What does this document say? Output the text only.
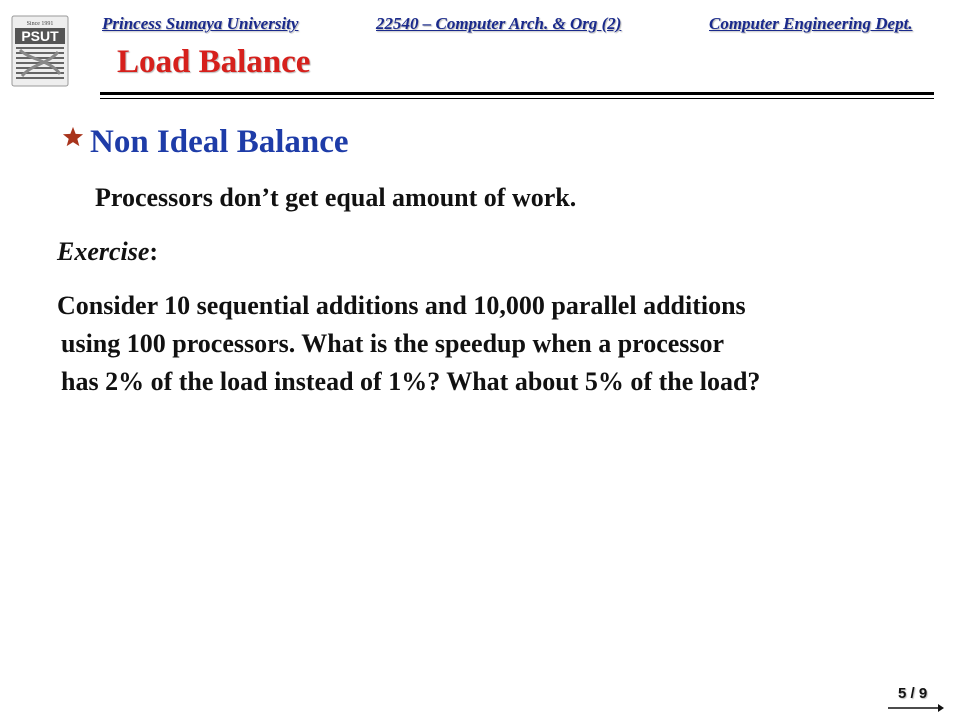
Since 1991
PSUT
Princess Sumaya University	22540 – Computer Arch. & Org (2)	Computer Engineering Dept.
Load Balance
Non Ideal Balance
Processors don’t get equal amount of work.
Exercise:
Consider 10 sequential additions and 10,000 parallel additions
using 100 processors. What is the speedup when a processor
has 2% of the load instead of 1%? What about 5% of the load?
5 / 9
